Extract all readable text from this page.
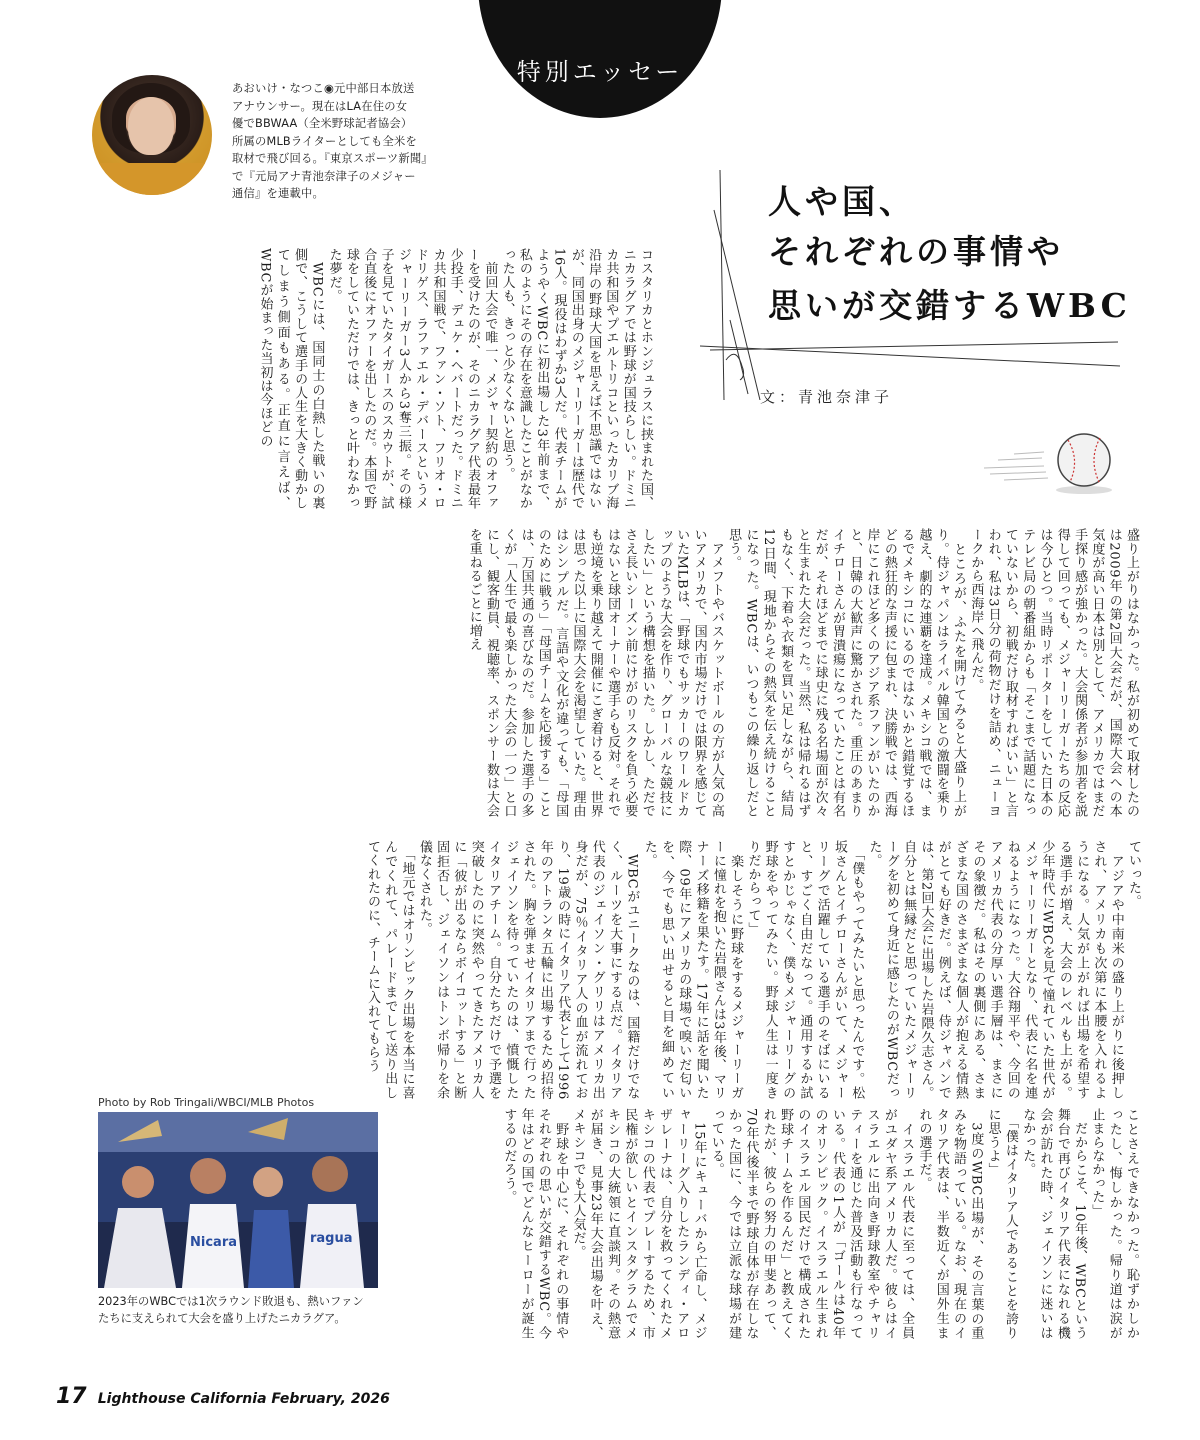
特別エッセー
あおいけ・なつこ◉元中部日本放送
アナウンサー。現在はLA在住の女
優でBBWAA（全米野球記者協会）
所属のMLBライターとしても全米を
取材で飛び回る。『東京スポーツ新聞』
で『元局アナ青池奈津子のメジャー
通信』を連載中。	人や国、
それぞれの事情や
思いが交錯するWBC
文：青池奈津子
コスタリカとホンジュラスに挟まれた国、ニカラグアでは野球が国技らしい。ドミニカ共和国やプエルトリコといったカリブ海沿岸の野球大国を思えば不思議ではないが、同国出身のメジャーリーガーは歴代で16人。現役はわずか3人だ。代表チームがようやくWBCに初出場した3年前まで、私のようにその存在を意識したことがなかった人も、きっと少なくないと思う。
　前回大会で唯一、メジャー契約のオファーを受けたのが、そのニカラグア代表最年少投手、デュケ・ヘバートだった。ドミニカ共和国戦で、ファン・ソト、フリオ・ロドリゲス、ラファエル・デバースというメジャーリーガー3人から3奪三振。その様子を見ていたタイガースのスカウトが、試合直後にオファーを出したのだ。本国で野球をしていただけでは、きっと叶わなかった夢だ。
　WBCには、国同士の白熱した戦いの裏側で、こうして選手の人生を大きく動かしてしまう側面もある。正直に言えば、WBCが始まった当初は今ほどの
盛り上がりはなかった。私が初めて取材したのは2009年の第2回大会だが、国際大会への本気度が高い日本は別として、アメリカではまだ手探り感が強かった。大会関係者が参加者を説得して回っても、メジャーリーガーたちの反応は今ひとつ。当時リポーターをしていた日本のテレビ局の朝番組からも「そこまで話題になっていないから、初戦だけ取材すればいい」と言われ、私は3日分の荷物だけを詰め、ニューヨークから西海岸へ飛んだ。
　ところが、ふたを開けてみると大盛り上がり。侍ジャパンはライバル韓国との激闘を乗り越え、劇的な連覇を達成。メキシコ戦では、まるでメキシコにいるのではないかと錯覚するほどの熱狂的な声援に包まれ、決勝戦では、西海岸にこれほど多くのアジア系ファンがいたのかと、日韓の大歓声に驚かされた。重圧のあまりイチローさんが胃潰瘍になっていたことは有名だが、それほどまでに球史に残る名場面が次々と生まれた大会だった。当然、私は帰れるはずもなく、下着や衣類を買い足しながら、結局12日間、現地からその熱気を伝え続けることになった。WBCは、いつもこの繰り返しだと思う。
　アメフトやバスケットボールの方が人気の高いアメリカで、国内市場だけでは限界を感じていたMLBは、「野球でもサッカーのワールドカップのような大会を作り、グローバルな競技にしたい」という構想を描いた。しかし、ただでさえ長いシーズン前にけがのリスクを負う必要はないと球団オーナーや選手らも反対。それでも逆境を乗り越えて開催にこぎ着けると、世界は思った以上に国際大会を渇望していた。理由はシンプルだ。言語や文化が違っても、「母国のために戦う」「母国チームを応援する」ことは、万国共通の喜びなのだ。参加した選手の多くが「人生で最も楽しかった大会の一つ」と口にし、観客動員、視聴率、スポンサー数は大会を重ねるごとに増え
ていった。
　アジアや中南米の盛り上がりに後押しされ、アメリカも次第に本腰を入れるようになる。人気が上がれば出場を希望する選手が増え、大会のレベルも上がる。少年時代にWBCを見て憧れていた世代がメジャーリーガーとなり、代表に名を連ねるようになった。大谷翔平や、今回のアメリカ代表の分厚い選手層は、まさにその象徴だ。私はその裏側にある、さまざまな国のさまざまな個人が抱える情熱がとても好きだ。例えば、侍ジャパンでは、第2回大会に出場した岩隈久志さん。自分とは無縁だと思っていたメジャーリーグを初めて身近に感じたのがWBCだった。
　「僕もやってみたいと思ったんです。松坂さんとイチローさんがいて、メジャーリーグで活躍している選手のそばにいると、すごく自由だなって。通用するか試すとかじゃなく、僕もメジャーリーグの野球をやってみたい。野球人生は一度きりだからって」
　楽しそうに野球をするメジャーリーガーに憧れを抱いた岩隈さんは3年後、マリナーズ移籍を果たす。17年に話を聞いた際、09年にアメリカの球場で嗅いだ匂いを、今でも思い出せると目を細めていた。
　WBCがユニークなのは、国籍だけでなく、ルーツを大事にする点だ。イタリア代表のジェイソン・グリリはアメリカ出身だが、75％イタリア人の血が流れており、19歳の時にイタリア代表として1996年のアトランタ五輪に出場するため招待された。胸を弾ませイタリアまで行ったジェイソンを待っていたのは、憤慨したイタリアチーム。自分たちだけで予選を突破したのに突然やってきたアメリカ人に「彼が出るならボイコットする」と断固拒否し、ジェイソンはトンボ帰りを余儀なくされた。
　「地元ではオリンピック出場を本当に喜んでくれて、パレードまでして送り出してくれたのに、チームに入れてもらう
ことさえできなかった。恥ずかしかったし、悔しかった。帰り道は涙が止まらなかった」
　だからこそ、10年後、WBCという舞台で再びイタリア代表になれる機会が訪れた時、ジェイソンに迷いはなかった。
　「僕はイタリア人であることを誇りに思うよ」
　3度のWBC出場が、その言葉の重みを物語っている。なお、現在のイタリア代表は、半数近くが国外生まれの選手だ。
　イスラエル代表に至っては、全員がユダヤ系アメリカ人だ。彼らはイスラエルに出向き野球教室やチャリティーを通じた普及活動も行なっている。代表の1人が「ゴールは40年のオリンピック。イスラエル生まれのイスラエル国民だけで構成された野球チームを作るんだ」と教えてくれたが、彼らの努力の甲斐あって、70年代後半まで野球自体が存在しなかった国に、今では立派な球場が建っている。
　15年にキューバから亡命し、メジャーリーグ入りしたランディ・アロザレーナは、自分を救ってくれたメキシコの代表でプレーするため、市民権が欲しいとインスタグラムでメキシコの大統領に直談判。その熱意が届き、見事23年大会出場を叶え、メキシコでも大人気だ。
　野球を中心に、それぞれの事情やそれぞれの思いが交錯するWBC。今年はどの国でどんなヒーローが誕生するのだろう。
Photo by Rob Tringali/WBCI/MLB Photos
Nicara	ragua
2023年のWBCでは1次ラウンド敗退も、熱いファン
たちに支えられて大会を盛り上げたニカラグア。
17 Lighthouse California February, 2026
